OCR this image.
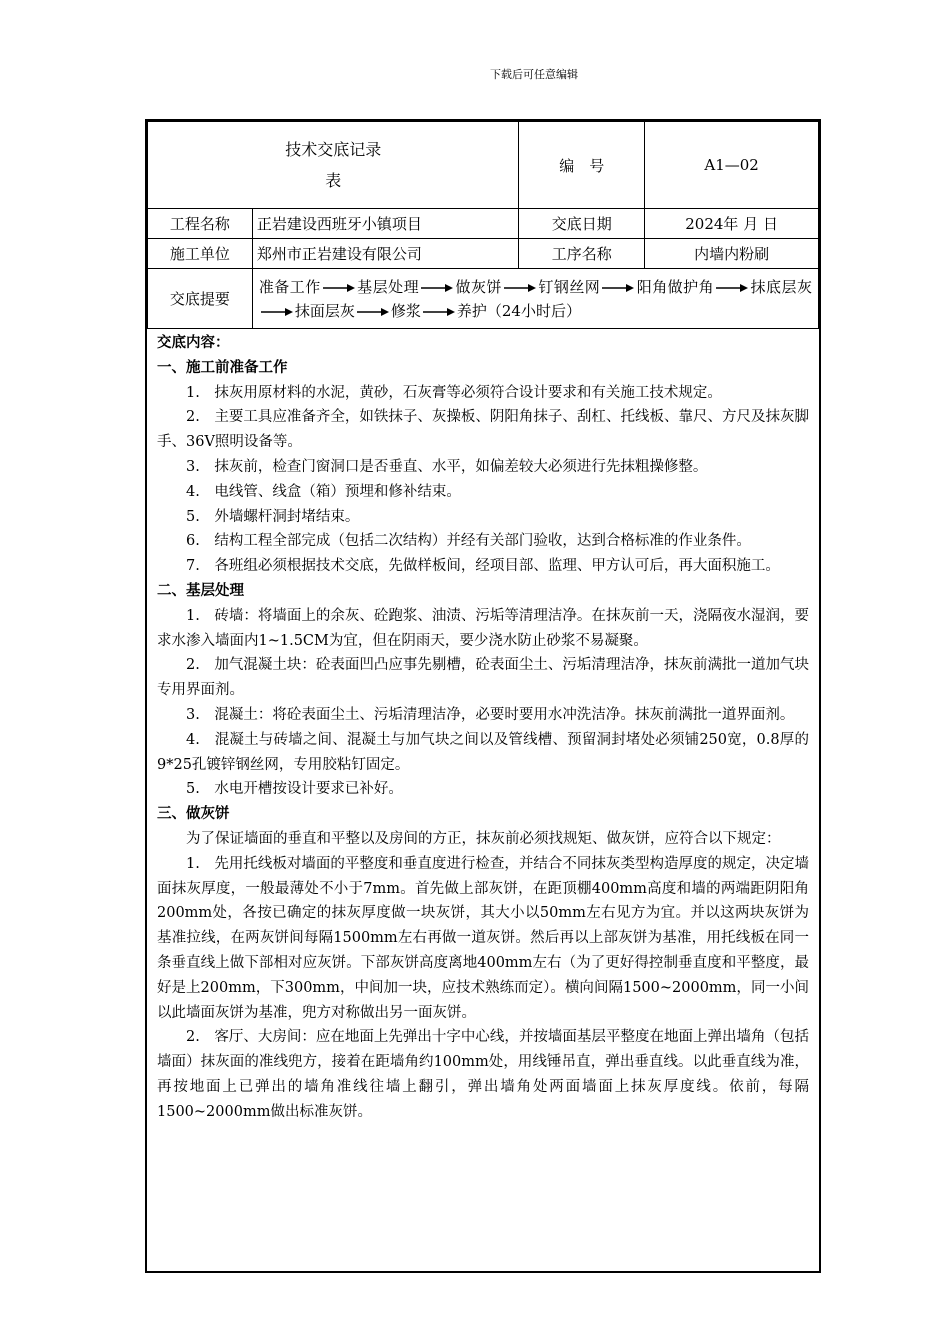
下载后可任意编辑
技术交底记录
表		编　号	A1—02
工程名称	正岩建设西班牙小镇项目	交底日期	2024年 月 日
施工单位	郑州市正岩建设有限公司	工序名称	内墙内粉刷
交底提要	准备工作 基层处理 做灰饼 钉钢丝网 阳角做护角 抹底层灰抹面层灰 修浆 养护（24小时后）		
交底内容：
一、施工前准备工作

1.　抹灰用原材料的水泥，黄砂，石灰膏等必须符合设计要求和有关施工技术规定。

2.　主要工具应准备齐全，如铁抹子、灰操板、阴阳角抹子、刮杠、托线板、靠尺、方尺及抹灰脚手、36V照明设备等。

3.　抹灰前，检查门窗洞口是否垂直、水平，如偏差较大必须进行先抹粗操修整。

4.　电线管、线盒（箱）预埋和修补结束。

5.　外墙螺杆洞封堵结束。

6.　结构工程全部完成（包括二次结构）并经有关部门验收，达到合格标准的作业条件。

7.　各班组必须根据技术交底，先做样板间，经项目部、监理、甲方认可后，再大面积施工。

二、基层处理

1.　砖墙：将墙面上的余灰、砼跑浆、油渍、污垢等清理洁净。在抹灰前一天，浇隔夜水湿润，要求水渗入墙面内1~1.5CM为宜，但在阴雨天，要少浇水防止砂浆不易凝聚。

2.　加气混凝土块：砼表面凹凸应事先剔槽，砼表面尘土、污垢清理洁净，抹灰前满批一道加气块专用界面剂。

3.　混凝土：将砼表面尘土、污垢清理洁净，必要时要用水冲洗洁净。抹灰前满批一道界面剂。

4.　混凝土与砖墙之间、混凝土与加气块之间以及管线槽、预留洞封堵处必须铺250宽，0.8厚的9*25孔镀锌钢丝网，专用胶粘钉固定。

5.　水电开槽按设计要求已补好。

三、做灰饼

为了保证墙面的垂直和平整以及房间的方正，抹灰前必须找规矩、做灰饼，应符合以下规定：

1.　先用托线板对墙面的平整度和垂直度进行检查，并结合不同抹灰类型构造厚度的规定，决定墙面抹灰厚度，一般最薄处不小于7mm。首先做上部灰饼，在距顶棚400mm高度和墙的两端距阴阳角200mm处，各按已确定的抹灰厚度做一块灰饼，其大小以50mm左右见方为宜。并以这两块灰饼为基准拉线，在两灰饼间每隔1500mm左右再做一道灰饼。然后再以上部灰饼为基准，用托线板在同一条垂直线上做下部相对应灰饼。下部灰饼高度离地400mm左右（为了更好得控制垂直度和平整度，最好是上200mm，下300mm，中间加一块，应技术熟练而定）。横向间隔1500~2000mm，同一小间以此墙面灰饼为基准，兜方对称做出另一面灰饼。

2.　客厅、大房间：应在地面上先弹出十字中心线，并按墙面基层平整度在地面上弹出墙角（包括墙面）抹灰面的准线兜方，接着在距墙角约100mm处，用线锤吊直，弹出垂直线。以此垂直线为准，再按地面上已弹出的墙角准线往墙上翻引，弹出墙角处两面墙面上抹灰厚度线。依前，每隔1500~2000mm做出标准灰饼。
